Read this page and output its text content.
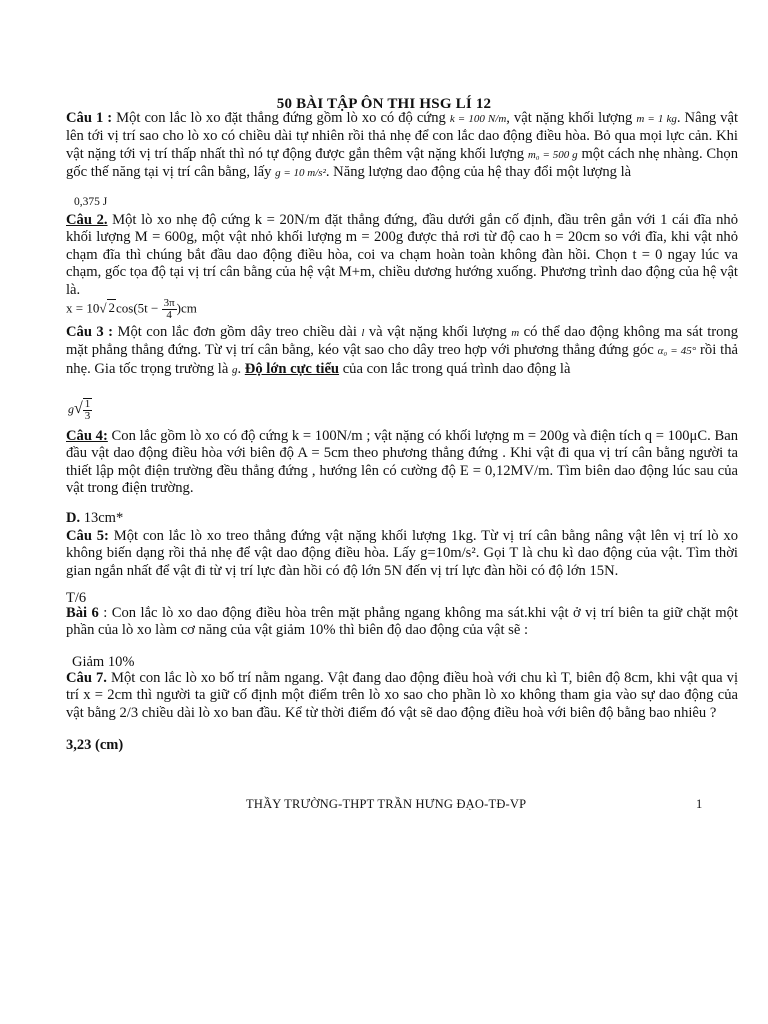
50 BÀI TẬP ÔN THI HSG LÍ 12
Câu 1 : Một con lắc lò xo đặt thẳng đứng gồm lò xo có độ cứng k = 100 N/m, vật nặng khối lượng m = 1 kg. Nâng vật lên tới vị trí sao cho lò xo có chiều dài tự nhiên rồi thả nhẹ để con lắc dao động điều hòa. Bỏ qua mọi lực cản. Khi vật nặng tới vị trí thấp nhất thì nó tự động được gắn thêm vật nặng khối lượng m₀ = 500 g một cách nhẹ nhàng. Chọn gốc thế năng tại vị trí cân bằng, lấy g = 10 m/s². Năng lượng dao động của hệ thay đổi một lượng là
0,375 J
Câu 2. Một lò xo nhẹ độ cứng k = 20N/m đặt thẳng đứng, đầu dưới gắn cố định, đầu trên gắn với 1 cái đĩa nhỏ khối lượng M = 600g, một vật nhỏ khối lượng m = 200g được thả rơi từ độ cao h = 20cm so với đĩa, khi vật nhỏ chạm đĩa thì chúng bắt đầu dao động điều hòa, coi va chạm hoàn toàn không đàn hồi. Chọn t = 0 ngay lúc va chạm, gốc tọa độ tại vị trí cân bằng của hệ vật M+m, chiều dương hướng xuống. Phương trình dao động của hệ vật là.
x = 10√ $2\cos(5t - \frac{3\pi}{4} )cm$
Câu 3 : Một con lắc đơn gồm dây treo chiều dài l và vật nặng khối lượng m có thể dao động không ma sát trong mặt phẳng thẳng đứng. Từ vị trí cân bằng, kéo vật sao cho dây treo hợp với phương thẳng đứng góc α₀ = 45° rồi thả nhẹ. Gia tốc trọng trường là g. Độ lớn cực tiểu của con lắc trong quá trình dao động là
$g√ \frac{1}{3}$
Câu 4: Con lắc gồm lò xo có độ cứng k = 100N/m ; vật nặng có khối lượng m = 200g và điện tích q = 100μC. Ban đầu vật dao động điều hòa với biên độ A = 5cm theo phương thẳng đứng . Khi vật đi qua vị trí cân bằng người ta thiết lập một điện trường đều thẳng đứng , hướng lên có cường độ E = 0,12MV/m. Tìm biên dao động lúc sau của vật trong điện trường.
D. 13cm*
Câu 5: Một con lắc lò xo treo thẳng đứng vật nặng khối lượng 1kg. Từ vị trí cân bằng nâng vật lên vị trí lò xo không biến dạng rồi thả nhẹ để vật dao động điều hòa. Lấy g=10m/s². Gọi T là chu kì dao động của vật. Tìm thời gian ngắn nhất để vật đi từ vị trí lực đàn hồi có độ lớn 5N đến vị trí lực đàn hồi có độ lớn 15N.
T/6
Bài 6 : Con lắc lò xo dao động điều hòa trên mặt phẳng ngang không ma sát.khi vật ở vị trí biên ta giữ chặt một phần của lò xo làm cơ năng của vật giảm 10% thì biên độ dao động của vật sẽ :
Giảm 10%
Câu 7. Một con lắc lò xo bố trí nằm ngang. Vật đang dao động điều hoà với chu kì T, biên độ 8cm, khi vật qua vị trí x = 2cm thì người ta giữ cố định một điểm trên lò xo sao cho phần lò xo không tham gia vào sự dao động của vật bằng 2/3 chiều dài lò xo ban đầu. Kể từ thời điểm đó vật sẽ dao động điều hoà với biên độ bằng bao nhiêu ?
3,23 (cm)
THẦY TRƯỜNG-THPT TRẦN HƯNG ĐẠO-TĐ-VP	1
